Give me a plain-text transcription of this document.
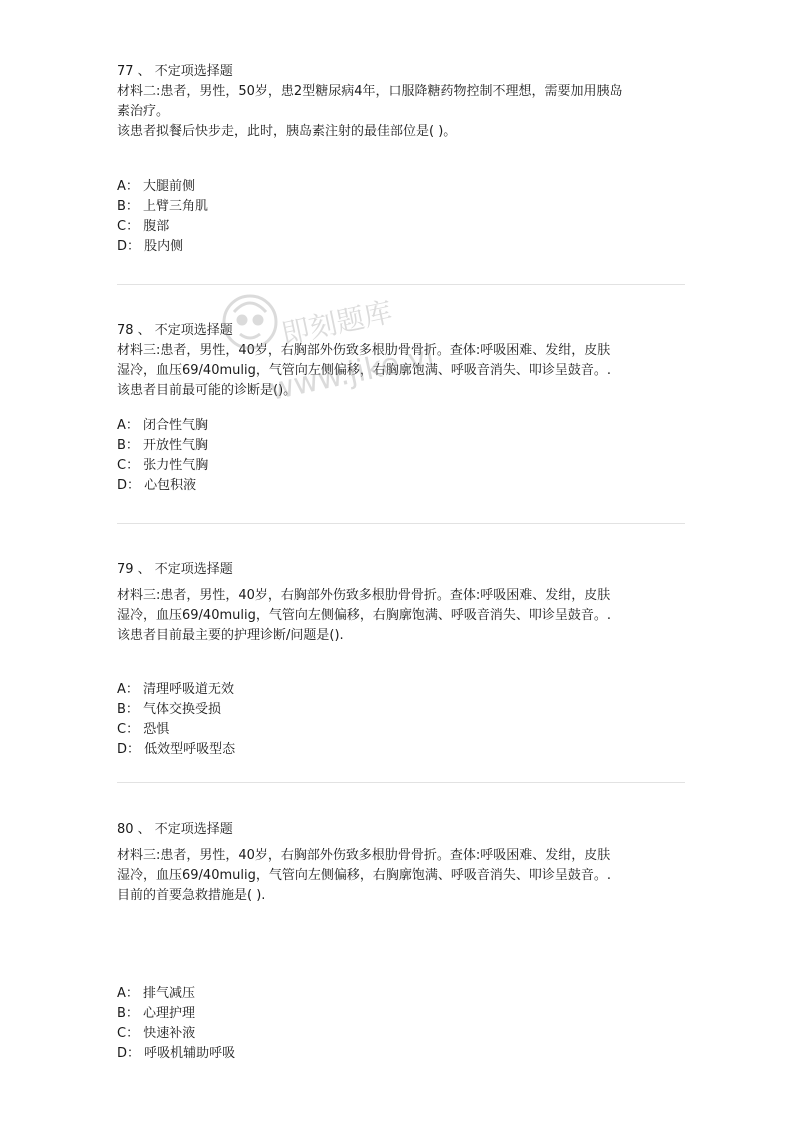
77 、 不定项选择题

材料二:患者，男性，50岁，患2型糖尿病4年，口服降糖药物控制不理想，需要加用胰岛

素治疗。

该患者拟餐后快步走，此时，胰岛素注射的最佳部位是( )。

A： 大腿前侧
B： 上臂三角肌
C： 腹部
D： 股内侧

78 、 不定项选择题

材料三:患者，男性，40岁，右胸部外伤致多根肋骨骨折。查体:呼吸困难、发绀，皮肤

湿冷，血压69/40mulig，气管向左侧偏移，右胸廓饱满、呼吸音消失、叩诊呈鼓音。.

该患者目前最可能的诊断是()。

A： 闭合性气胸
B： 开放性气胸
C： 张力性气胸
D： 心包积液

79 、 不定项选择题

材料三:患者，男性，40岁，右胸部外伤致多根肋骨骨折。查体:呼吸困难、发绀，皮肤

湿冷，血压69/40mulig，气管向左侧偏移，右胸廓饱满、呼吸音消失、叩诊呈鼓音。.

该患者目前最主要的护理诊断/问题是().

A： 清理呼吸道无效
B： 气体交换受损
C： 恐惧
D： 低效型呼吸型态

80 、 不定项选择题

材料三:患者，男性，40岁，右胸部外伤致多根肋骨骨折。查体:呼吸困难、发绀，皮肤

湿冷，血压69/40mulig，气管向左侧偏移，右胸廓饱满、呼吸音消失、叩诊呈鼓音。.

目前的首要急救措施是( ).

A： 排气减压
B： 心理护理
C： 快速补液
D： 呼吸机辅助呼吸
即刻题库
www.jike.vip
